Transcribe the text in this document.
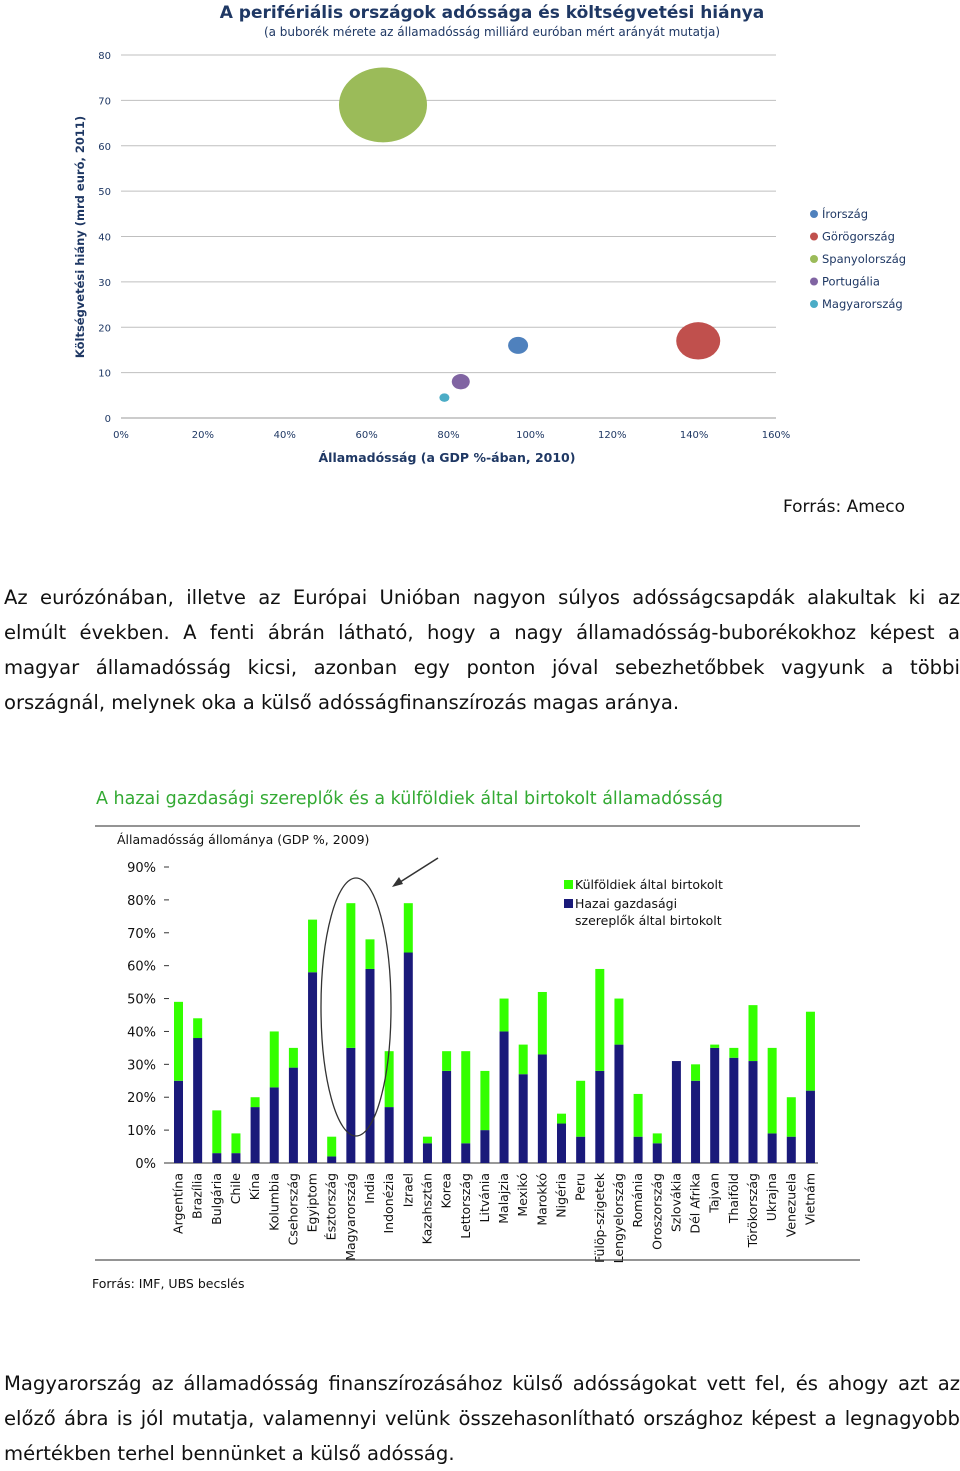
A perifériális országok adóssága és költségvetési hiánya
(a buborék mérete az államadósság milliárd euróban mért arányát mutatja)
0
10
20
30
40
50
60
70
80
0%	20%	40%	60%	80%	100%	120%	140%	160%
Költségvetési hiány (mrd euró, 2011)
Államadósság (a GDP %-ában, 2010)
Írország
Görögország
Spanyolország
Portugália
Magyarország
Forrás: Ameco

Az eurózónában, illetve az Európai Unióban nagyon súlyos adósságcsapdák alakultak ki az elmúlt években. A fenti ábrán látható, hogy a nagy államadósság-buborékokhoz képest a magyar államadósság kicsi, azonban egy ponton jóval sebezhetőbbek vagyunk a többi országnál, melynek oka a külső adósságfinanszírozás magas aránya.

A hazai gazdasági szereplők és a külföldiek által birtokolt államadósság
Államadósság állománya (GDP %, 2009)
0%
10%
20%
30%
40%
50%
60%
70%
80%
90%
Argentína Brazília Bulgária Chile Kína Kolumbia Csehország Egyiptom Észtország Magyarország India Indonézia Izrael Kazahsztán Korea Lettország Litvánia Malajzia Mexikó Marokkó Nigéria Peru Fülöp-szigetek Lengyelország Románia Oroszország Szlovákia Dél Afrika Tajvan Thaiföld Törökország Ukrajna Venezuela Vietnám
Külföldiek által birtokolt
Hazai gazdasági
szereplők által birtokolt
Forrás: IMF, UBS becslés

Magyarország az államadósság finanszírozásához külső adósságokat vett fel, és ahogy azt az előző ábra is jól mutatja, valamennyi velünk összehasonlítható országhoz képest a legnagyobb mértékben terhel bennünket a külső adósság.
